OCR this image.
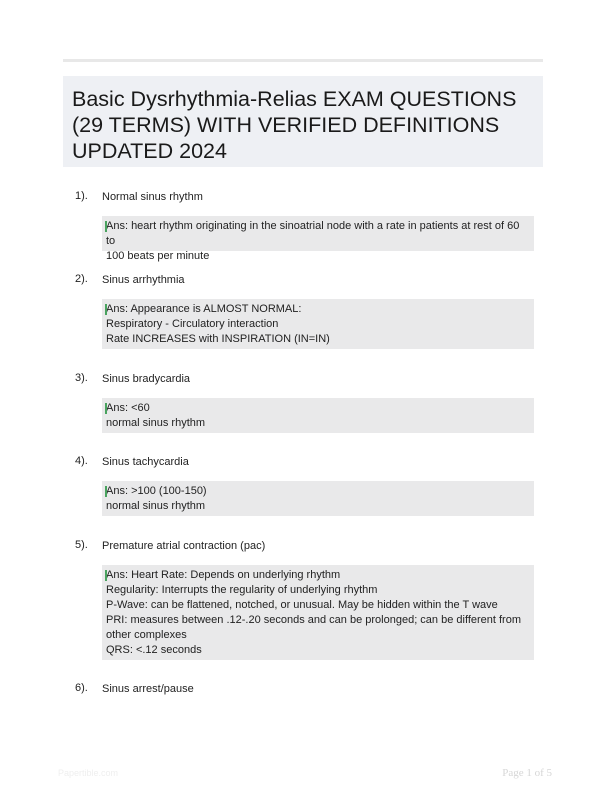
Basic Dysrhythmia-Relias EXAM QUESTIONS (29 TERMS) WITH VERIFIED DEFINITIONS UPDATED 2024
1). Normal sinus rhythm
Ans: heart rhythm originating in the sinoatrial node with a rate in patients at rest of 60 to
100 beats per minute
2). Sinus arrhythmia
Ans: Appearance is ALMOST NORMAL:
Respiratory - Circulatory interaction
Rate INCREASES with INSPIRATION (IN=IN)
3). Sinus bradycardia
Ans: <60
normal sinus rhythm
4). Sinus tachycardia
Ans: >100 (100-150)
normal sinus rhythm
5). Premature atrial contraction (pac)
Ans: Heart Rate: Depends on underlying rhythm
Regularity: Interrupts the regularity of underlying rhythm
P-Wave: can be flattened, notched, or unusual. May be hidden within the T wave
PRI: measures between .12-.20 seconds and can be prolonged; can be different from
other complexes
QRS: <.12 seconds
6). Sinus arrest/pause
Papertible.com	Page 1 of 5
